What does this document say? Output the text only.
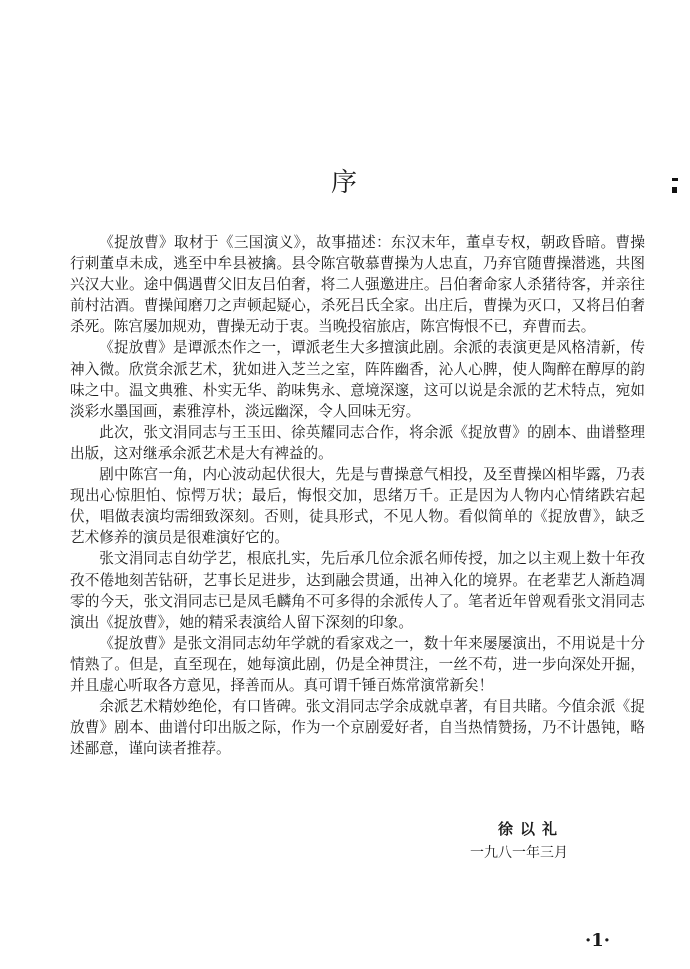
序

《捉放曹》取材于《三国演义》，故事描述：东汉末年，董卓专权，朝政昏暗。曹操行刺董卓未成，逃至中牟县被擒。县令陈宫敬慕曹操为人忠直，乃弃官随曹操潜逃，共图兴汉大业。途中偶遇曹父旧友吕伯奢，将二人强邀进庄。吕伯奢命家人杀猪待客，并亲往前村沽酒。曹操闻磨刀之声顿起疑心，杀死吕氏全家。出庄后，曹操为灭口，又将吕伯奢杀死。陈宫屡加规劝，曹操无动于衷。当晚投宿旅店，陈宫悔恨不已，弃曹而去。

《捉放曹》是谭派杰作之一，谭派老生大多擅演此剧。余派的表演更是风格清新，传神入微。欣赏余派艺术，犹如进入芝兰之室，阵阵幽香，沁人心脾，使人陶醉在醇厚的韵味之中。温文典雅、朴实无华、韵味隽永、意境深邃，这可以说是余派的艺术特点，宛如淡彩水墨国画，素雅淳朴，淡远幽深，令人回味无穷。

此次，张文涓同志与王玉田、徐英耀同志合作，将余派《捉放曹》的剧本、曲谱整理出版，这对继承余派艺术是大有裨益的。

剧中陈宫一角，内心波动起伏很大，先是与曹操意气相投，及至曹操凶相毕露，乃表现出心惊胆怕、惊愕万状；最后，悔恨交加，思绪万千。正是因为人物内心情绪跌宕起伏，唱做表演均需细致深刻。否则，徒具形式，不见人物。看似简单的《捉放曹》，缺乏艺术修养的演员是很难演好它的。

张文涓同志自幼学艺，根底扎实，先后承几位余派名师传授，加之以主观上数十年孜孜不倦地刻苦钻研，艺事长足进步，达到融会贯通，出神入化的境界。在老辈艺人渐趋凋零的今天，张文涓同志已是凤毛麟角不可多得的余派传人了。笔者近年曾观看张文涓同志演出《捉放曹》，她的精采表演给人留下深刻的印象。

《捉放曹》是张文涓同志幼年学就的看家戏之一，数十年来屡屡演出，不用说是十分情熟了。但是，直至现在，她每演此剧，仍是全神贯注，一丝不苟，进一步向深处开掘，并且虚心听取各方意见，择善而从。真可谓千锤百炼常演常新矣！

余派艺术精妙绝伦，有口皆碑。张文涓同志学余成就卓著，有目共睹。今值余派《捉放曹》剧本、曲谱付印出版之际，作为一个京剧爱好者，自当热情赞扬，乃不计愚钝，略述鄙意，谨向读者推荐。

徐以礼
一九八一年三月
·1·
